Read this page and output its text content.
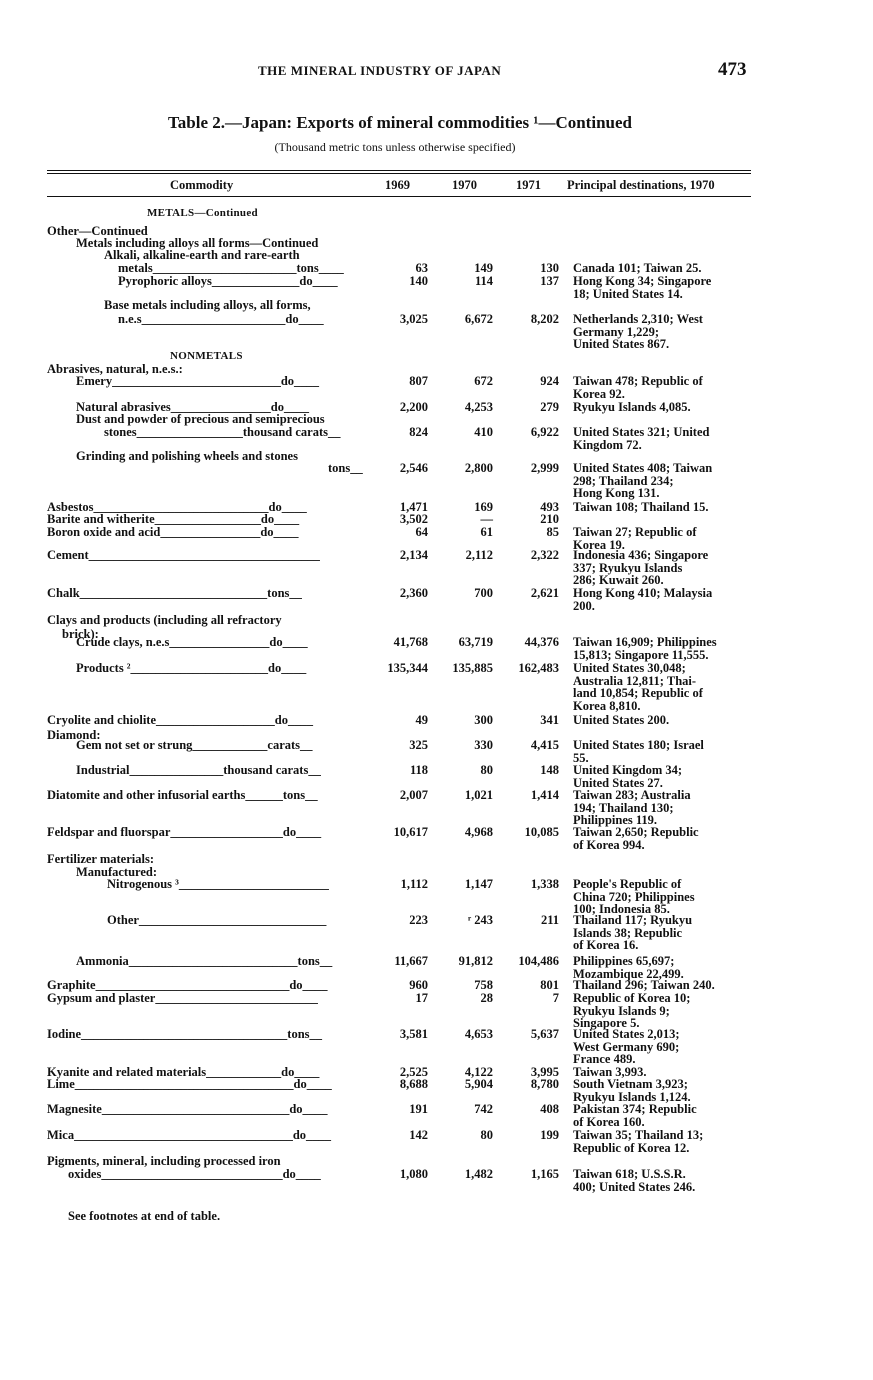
THE MINERAL INDUSTRY OF JAPAN	473
Table 2.—Japan: Exports of mineral commodities ¹—Continued
(Thousand metric tons unless otherwise specified)
Commodity	1969	1970	1971 Principal destinations, 1970
METALS—Continued
NONMETALS
Other—Continued
Metals including alloys all forms—Continued
Alkali, alkaline-earth and rare-earth
metals_______________________tons____	63	149	130 Canada 101; Taiwan 25.
Pyrophoric alloys______________do____	140	114	137 Hong Kong 34; Singapore
18; United States 14.
Base metals including alloys, all forms,
n.e.s_______________________do____	3,025	6,672	8,202 Netherlands 2,310; West
Germany 1,229;
United States 867.
Abrasives, natural, n.e.s.:
Emery___________________________do____	807	672	924 Taiwan 478; Republic of
Korea 92.
Natural abrasives________________do____	2,200	4,253	279 Ryukyu Islands 4,085.
Dust and powder of precious and semiprecious
stones_________________thousand carats__	824	410	6,922 United States 321; United
Kingdom 72.
Grinding and polishing wheels and stones
tons__	2,546	2,800	2,999 United States 408; Taiwan
298; Thailand 234;
Hong Kong 131.
Asbestos____________________________do____	1,471	169	493 Taiwan 108; Thailand 15.
Barite and witherite_________________do____	3,502	—	210
Boron oxide and acid________________do____	64	61	85 Taiwan 27; Republic of
Korea 19.
Cement_____________________________________	2,134	2,112	2,322 Indonesia 436; Singapore
337; Ryukyu Islands
286; Kuwait 260.
Chalk______________________________tons__	2,360	700	2,621 Hong Kong 410; Malaysia
200.
Clays and products (including all refractory
brick):
Crude clays, n.e.s________________do____	41,768	63,719	44,376 Taiwan 16,909; Philippines
15,813; Singapore 11,555.
Products ²______________________do____	135,344	135,885	162,483 United States 30,048;
Australia 12,811; Thai-
land 10,854; Republic of
Korea 8,810.
Cryolite and chiolite___________________do____	49	300	341 United States 200.
Diamond:
Gem not set or strung____________carats__	325	330	4,415 United States 180; Israel
55.
Industrial_______________thousand carats__	118	80	148 United Kingdom 34;
United States 27.
Diatomite and other infusorial earths______tons__	2,007	1,021	1,414 Taiwan 283; Australia
194; Thailand 130;
Philippines 119.
Feldspar and fluorspar__________________do____	10,617	4,968	10,085 Taiwan 2,650; Republic
of Korea 994.
Fertilizer materials:
Manufactured:
Nitrogenous ³________________________	1,112	1,147	1,338 People's Republic of
China 720; Philippines
100; Indonesia 85.
Other______________________________	223	ʳ 243	211 Thailand 117; Ryukyu
Islands 38; Republic
of Korea 16.
Ammonia___________________________tons__	11,667	91,812	104,486 Philippines 65,697;
Mozambique 22,499.
Graphite_______________________________do____	960	758	801 Thailand 296; Taiwan 240.
Gypsum and plaster__________________________	17	28	7 Republic of Korea 10;
Ryukyu Islands 9;
Singapore 5.
Iodine_________________________________tons__	3,581	4,653	5,637 United States 2,013;
West Germany 690;
France 489.
Kyanite and related materials____________do____	2,525	4,122	3,995 Taiwan 3,993.
Lime___________________________________do____	8,688	5,904	8,780 South Vietnam 3,923;
Ryukyu Islands 1,124.
Magnesite______________________________do____	191	742	408 Pakistan 374; Republic
of Korea 160.
Mica___________________________________do____	142	80	199 Taiwan 35; Thailand 13;
Republic of Korea 12.
Pigments, mineral, including processed iron
oxides_____________________________do____	1,080	1,482	1,165 Taiwan 618; U.S.S.R.
400; United States 246.
See footnotes at end of table.
